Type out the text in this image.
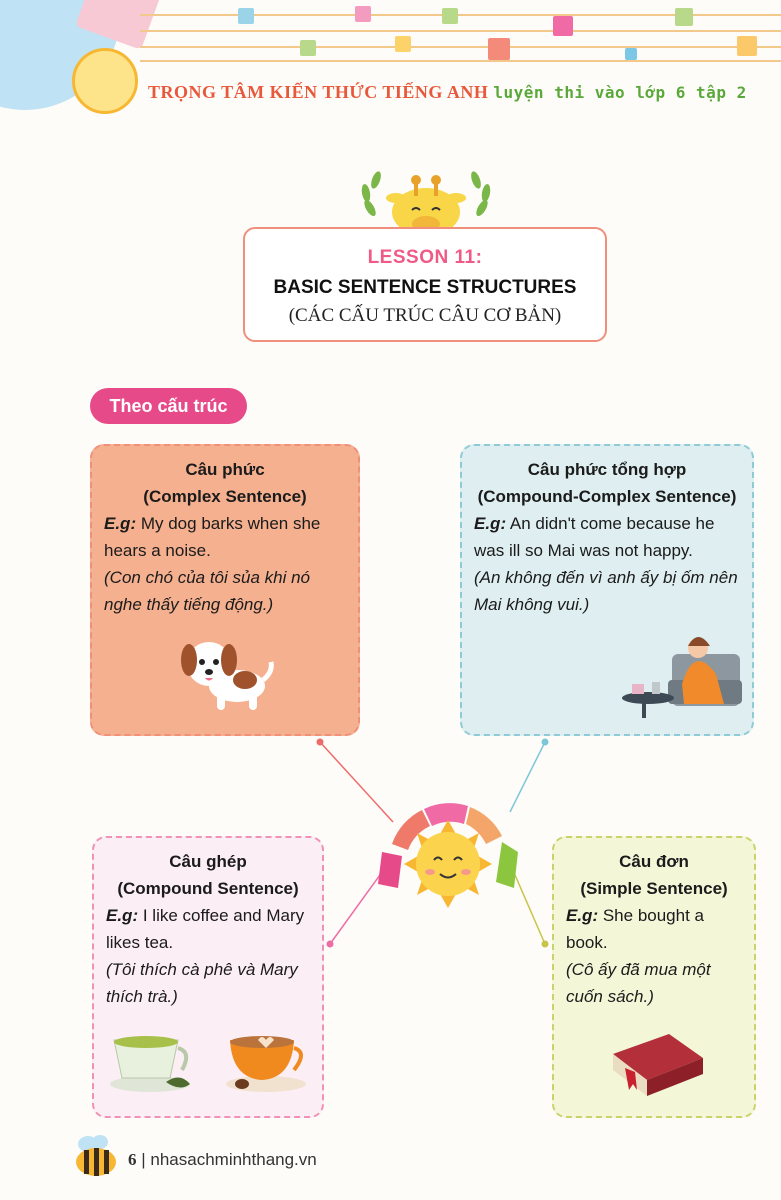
TRỌNG TÂM KIẾN THỨC TIẾNG ANH luyện thi vào lớp 6 tập 2
LESSON 11:
BASIC SENTENCE STRUCTURES
(CÁC CẤU TRÚC CÂU CƠ BẢN)
Theo cấu trúc
Câu phức
(Complex Sentence)
E.g: My dog barks when she hears a noise.
(Con chó của tôi sủa khi nó nghe thấy tiếng động.)
Câu phức tổng hợp
(Compound-Complex Sentence)
E.g: An didn't come because he was ill so Mai was not happy.
(An không đến vì anh ấy bị ốm nên Mai không vui.)
Câu ghép
(Compound Sentence)
E.g: I like coffee and Mary likes tea.
(Tôi thích cà phê và Mary thích trà.)
Câu đơn
(Simple Sentence)
E.g: She bought a book.
(Cô ấy đã mua một cuốn sách.)
6 | nhasachminhthang.vn
